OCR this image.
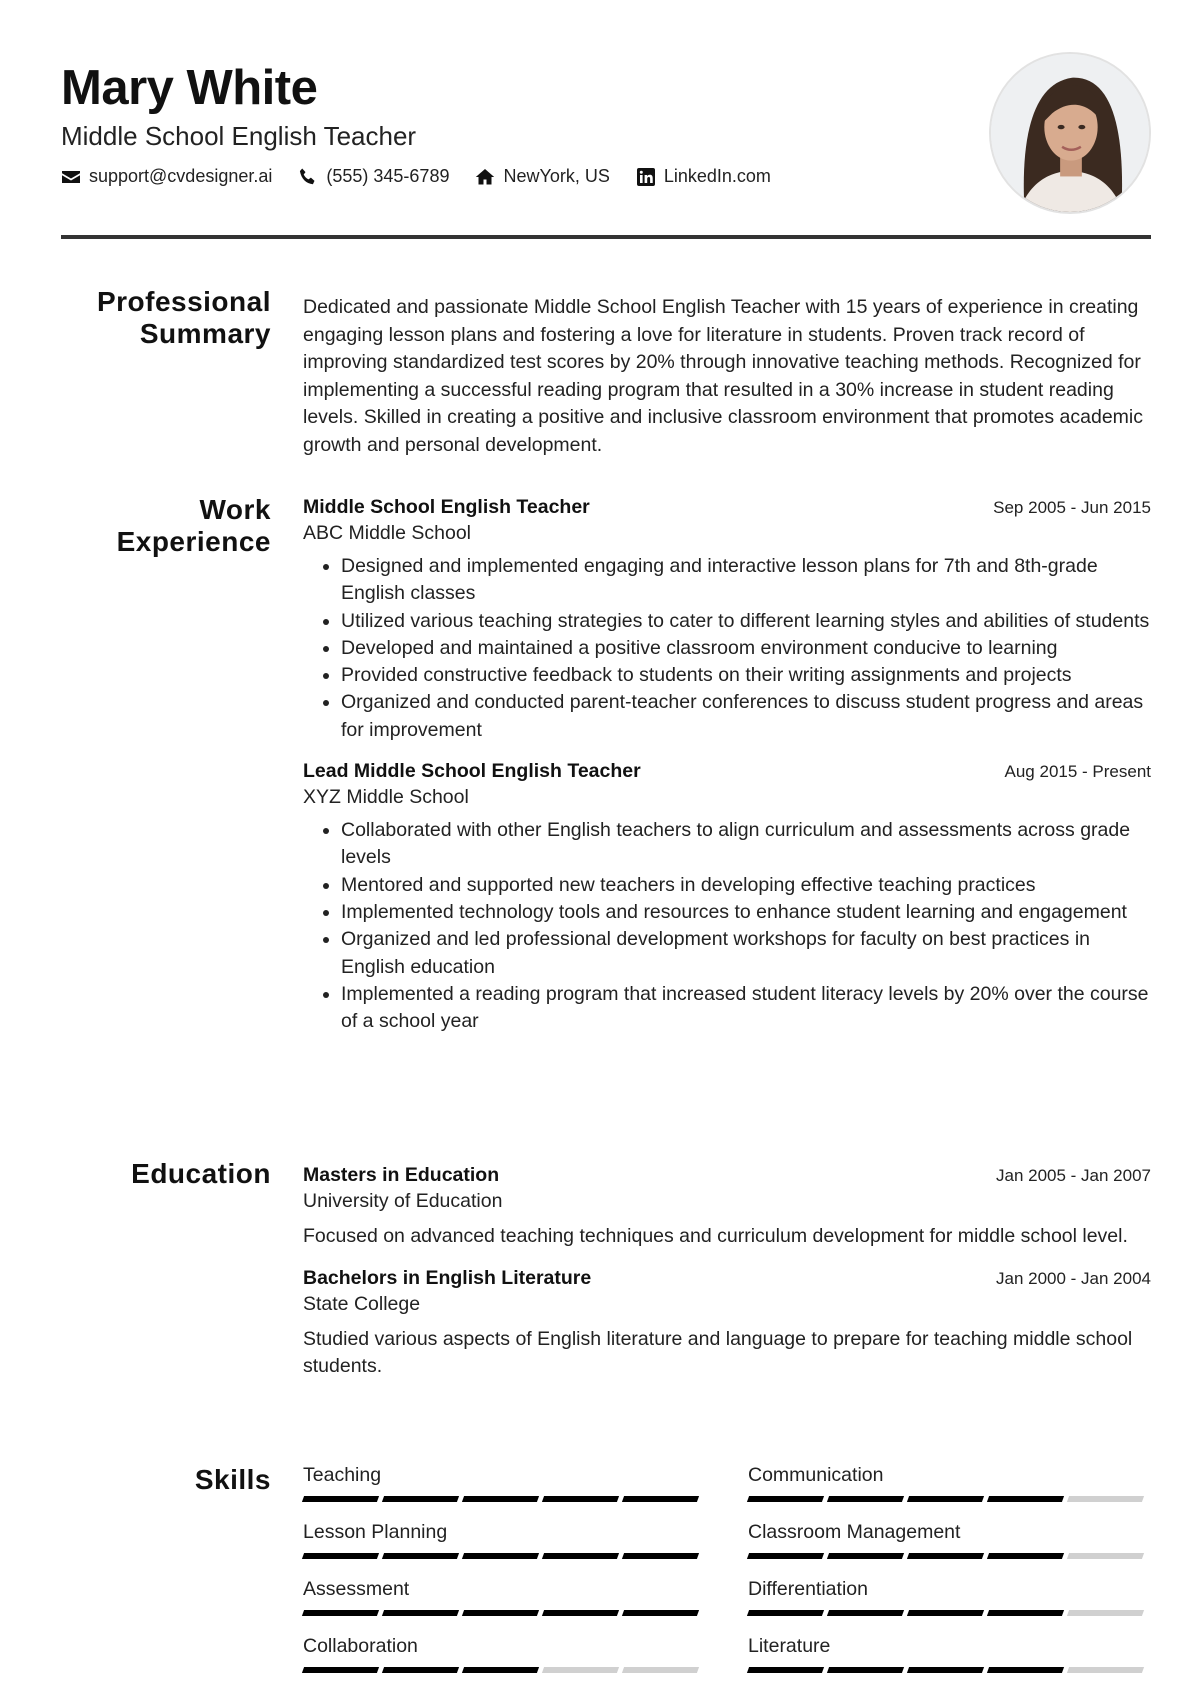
Mary White
Middle School English Teacher
support@cvdesigner.ai	(555) 345-6789	NewYork, US	LinkedIn.com
Professional Summary
Dedicated and passionate Middle School English Teacher with 15 years of experience in creating engaging lesson plans and fostering a love for literature in students. Proven track record of improving standardized test scores by 20% through innovative teaching methods. Recognized for implementing a successful reading program that resulted in a 30% increase in student reading levels. Skilled in creating a positive and inclusive classroom environment that promotes academic growth and personal development.
Work Experience
Middle School English Teacher	Sep 2005 - Jun 2015
ABC Middle School
• Designed and implemented engaging and interactive lesson plans for 7th and 8th-grade English classes
• Utilized various teaching strategies to cater to different learning styles and abilities of students
• Developed and maintained a positive classroom environment conducive to learning
• Provided constructive feedback to students on their writing assignments and projects
• Organized and conducted parent-teacher conferences to discuss student progress and areas for improvement
Lead Middle School English Teacher	Aug 2015 - Present
XYZ Middle School
• Collaborated with other English teachers to align curriculum and assessments across grade levels
• Mentored and supported new teachers in developing effective teaching practices
• Implemented technology tools and resources to enhance student learning and engagement
• Organized and led professional development workshops for faculty on best practices in English education
• Implemented a reading program that increased student literacy levels by 20% over the course of a school year
Education Masters in Education	Jan 2005 - Jan 2007
University of Education
Focused on advanced teaching techniques and curriculum development for middle school level.
Bachelors in English Literature	Jan 2000 - Jan 2004
State College
Studied various aspects of English literature and language to prepare for teaching middle school students.
Skills Teaching	Communication
Lesson Planning	Classroom Management
Assessment	Differentiation
Collaboration	Literature
